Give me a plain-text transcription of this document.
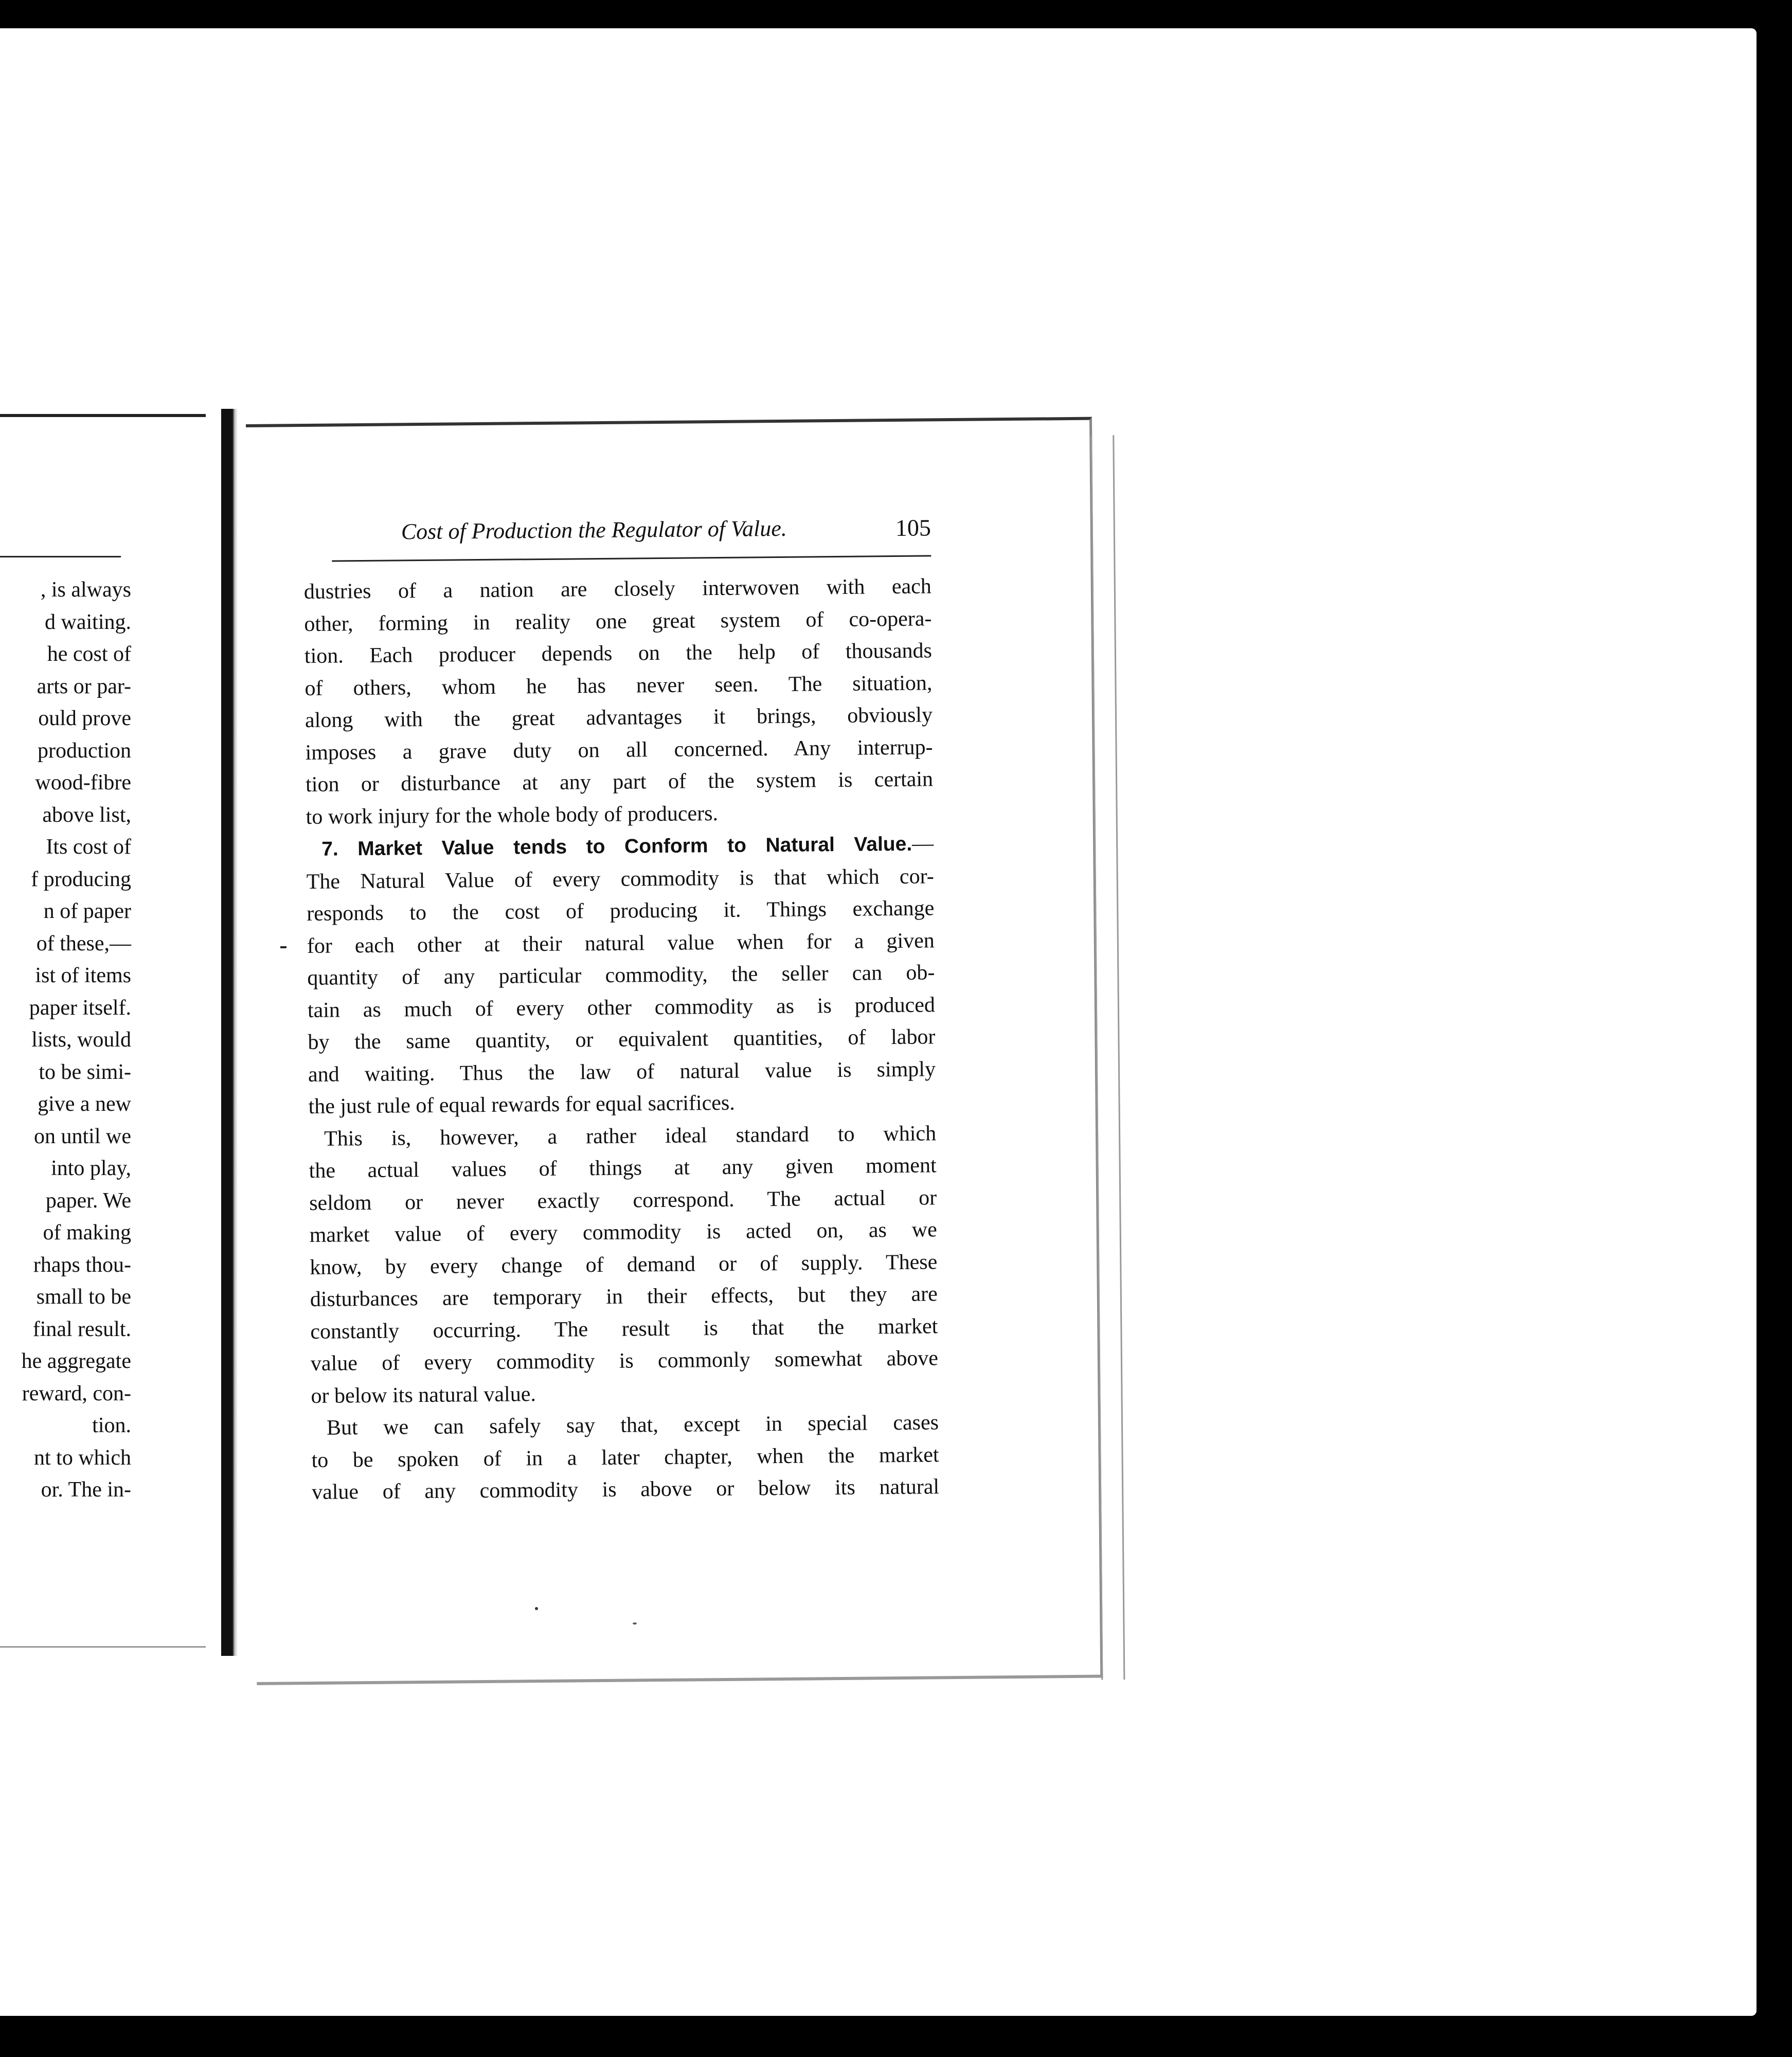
, is always
d waiting.
he cost of
arts or par-
ould prove
production
wood-fibre
above list,
Its cost of
f producing
n of paper
of these,—
ist of items
paper itself.
lists, would
to be simi-
give a new
on until we
into play,
paper. We
of making
rhaps thou-
small to be
final result.
he aggregate
reward, con-
tion.
nt to which
or. The in-
Cost of Production the Regulator of Value.	105

dustries of a nation are closely interwoven with each
other, forming in reality one great system of co-opera-
tion. Each producer depends on the help of thousands
of others, whom he has never seen. The situation,
along with the great advantages it brings, obviously
imposes a grave duty on all concerned. Any interrup-
tion or disturbance at any part of the system is certain
to work injury for the whole body of producers.

7. Market Value tends to Conform to Natural Value.—
The Natural Value of every commodity is that which cor-
responds to the cost of producing it. Things exchange
for each other at their natural value when for a given
quantity of any particular commodity, the seller can ob-
tain as much of every other commodity as is produced
by the same quantity, or equivalent quantities, of labor
and waiting. Thus the law of natural value is simply
the just rule of equal rewards for equal sacrifices.

This is, however, a rather ideal standard to which
the actual values of things at any given moment
seldom or never exactly correspond. The actual or
market value of every commodity is acted on, as we
know, by every change of demand or of supply. These
disturbances are temporary in their effects, but they are
constantly occurring. The result is that the market
value of every commodity is commonly somewhat above
or below its natural value.

But we can safely say that, except in special cases
to be spoken of in a later chapter, when the market
value of any commodity is above or below its natural
